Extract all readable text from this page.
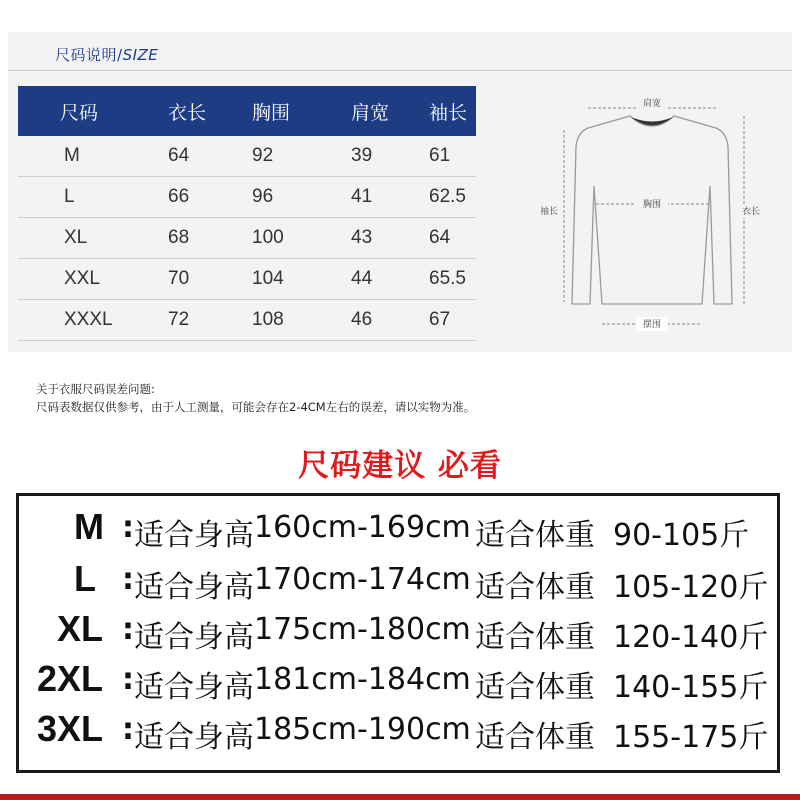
尺码说明/SIZE
尺码	衣长	胸围	肩宽	袖长
M	64	92	39	61
L	66	96	41	62.5
XL	68	100	43	64
XXL	70	104	44	65.5
XXXL	72	108	46	67
肩宽
袖长
胸围
衣长
摆围
关于衣服尺码误差问题:
尺码表数据仅供参考，由于人工测量，可能会存在2-4CM左右的误差，请以实物为准。
尺码建议 必看
M : 适合身高 160cm-169cm 适合体重 90-105斤
L : 适合身高 170cm-174cm 适合体重 105-120斤
XL : 适合身高 175cm-180cm 适合体重 120-140斤
2XL : 适合身高 181cm-184cm 适合体重 140-155斤
3XL : 适合身高 185cm-190cm 适合体重 155-175斤
